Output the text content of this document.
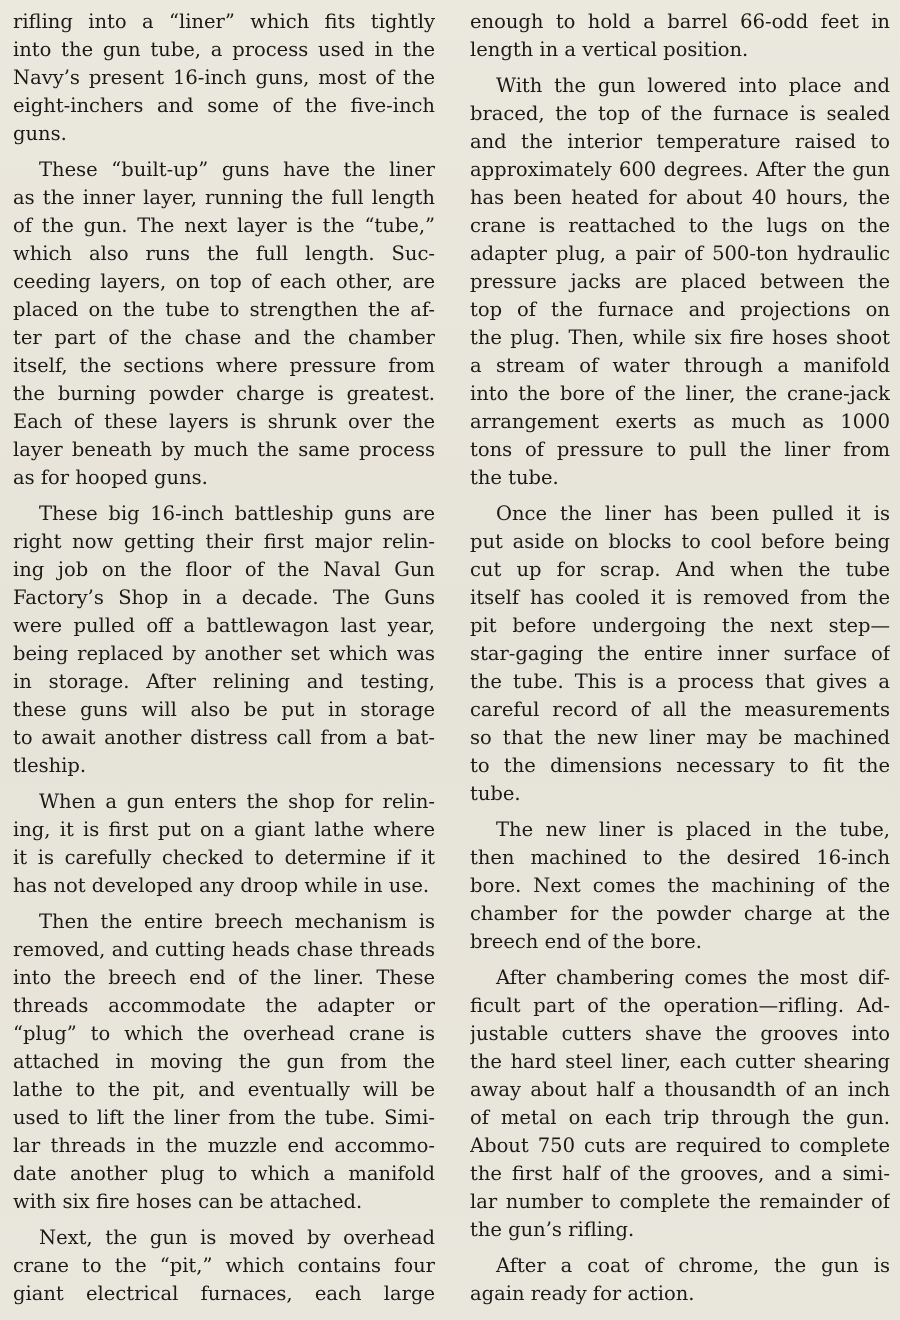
rifling into a “liner” which fits tightly
into the gun tube, a process used in the
Navy’s present 16-inch guns, most of the
eight-inchers and some of the five-inch
guns.
These “built-up” guns have the liner
as the inner layer, running the full length
of the gun. The next layer is the “tube,”
which also runs the full length. Suc-
ceeding layers, on top of each other, are
placed on the tube to strengthen the af-
ter part of the chase and the chamber
itself, the sections where pressure from
the burning powder charge is greatest.
Each of these layers is shrunk over the
layer beneath by much the same process
as for hooped guns.
These big 16-inch battleship guns are
right now getting their first major relin-
ing job on the floor of the Naval Gun
Factory’s Shop in a decade. The Guns
were pulled off a battlewagon last year,
being replaced by another set which was
in storage. After relining and testing,
these guns will also be put in storage
to await another distress call from a bat-
tleship.
When a gun enters the shop for relin-
ing, it is first put on a giant lathe where
it is carefully checked to determine if it
has not developed any droop while in use.
Then the entire breech mechanism is
removed, and cutting heads chase threads
into the breech end of the liner. These
threads accommodate the adapter or
“plug” to which the overhead crane is
attached in moving the gun from the
lathe to the pit, and eventually will be
used to lift the liner from the tube. Simi-
lar threads in the muzzle end accommo-
date another plug to which a manifold
with six fire hoses can be attached.
Next, the gun is moved by overhead
crane to the “pit,” which contains four
giant electrical furnaces, each large
enough to hold a barrel 66-odd feet in
length in a vertical position.
With the gun lowered into place and
braced, the top of the furnace is sealed
and the interior temperature raised to
approximately 600 degrees. After the gun
has been heated for about 40 hours, the
crane is reattached to the lugs on the
adapter plug, a pair of 500-ton hydraulic
pressure jacks are placed between the
top of the furnace and projections on
the plug. Then, while six fire hoses shoot
a stream of water through a manifold
into the bore of the liner, the crane-jack
arrangement exerts as much as 1000
tons of pressure to pull the liner from
the tube.
Once the liner has been pulled it is
put aside on blocks to cool before being
cut up for scrap. And when the tube
itself has cooled it is removed from the
pit before undergoing the next step—
star-gaging the entire inner surface of
the tube. This is a process that gives a
careful record of all the measurements
so that the new liner may be machined
to the dimensions necessary to fit the
tube.
The new liner is placed in the tube,
then machined to the desired 16-inch
bore. Next comes the machining of the
chamber for the powder charge at the
breech end of the bore.
After chambering comes the most dif-
ficult part of the operation—rifling. Ad-
justable cutters shave the grooves into
the hard steel liner, each cutter shearing
away about half a thousandth of an inch
of metal on each trip through the gun.
About 750 cuts are required to complete
the first half of the grooves, and a simi-
lar number to complete the remainder of
the gun’s rifling.
After a coat of chrome, the gun is
again ready for action.
